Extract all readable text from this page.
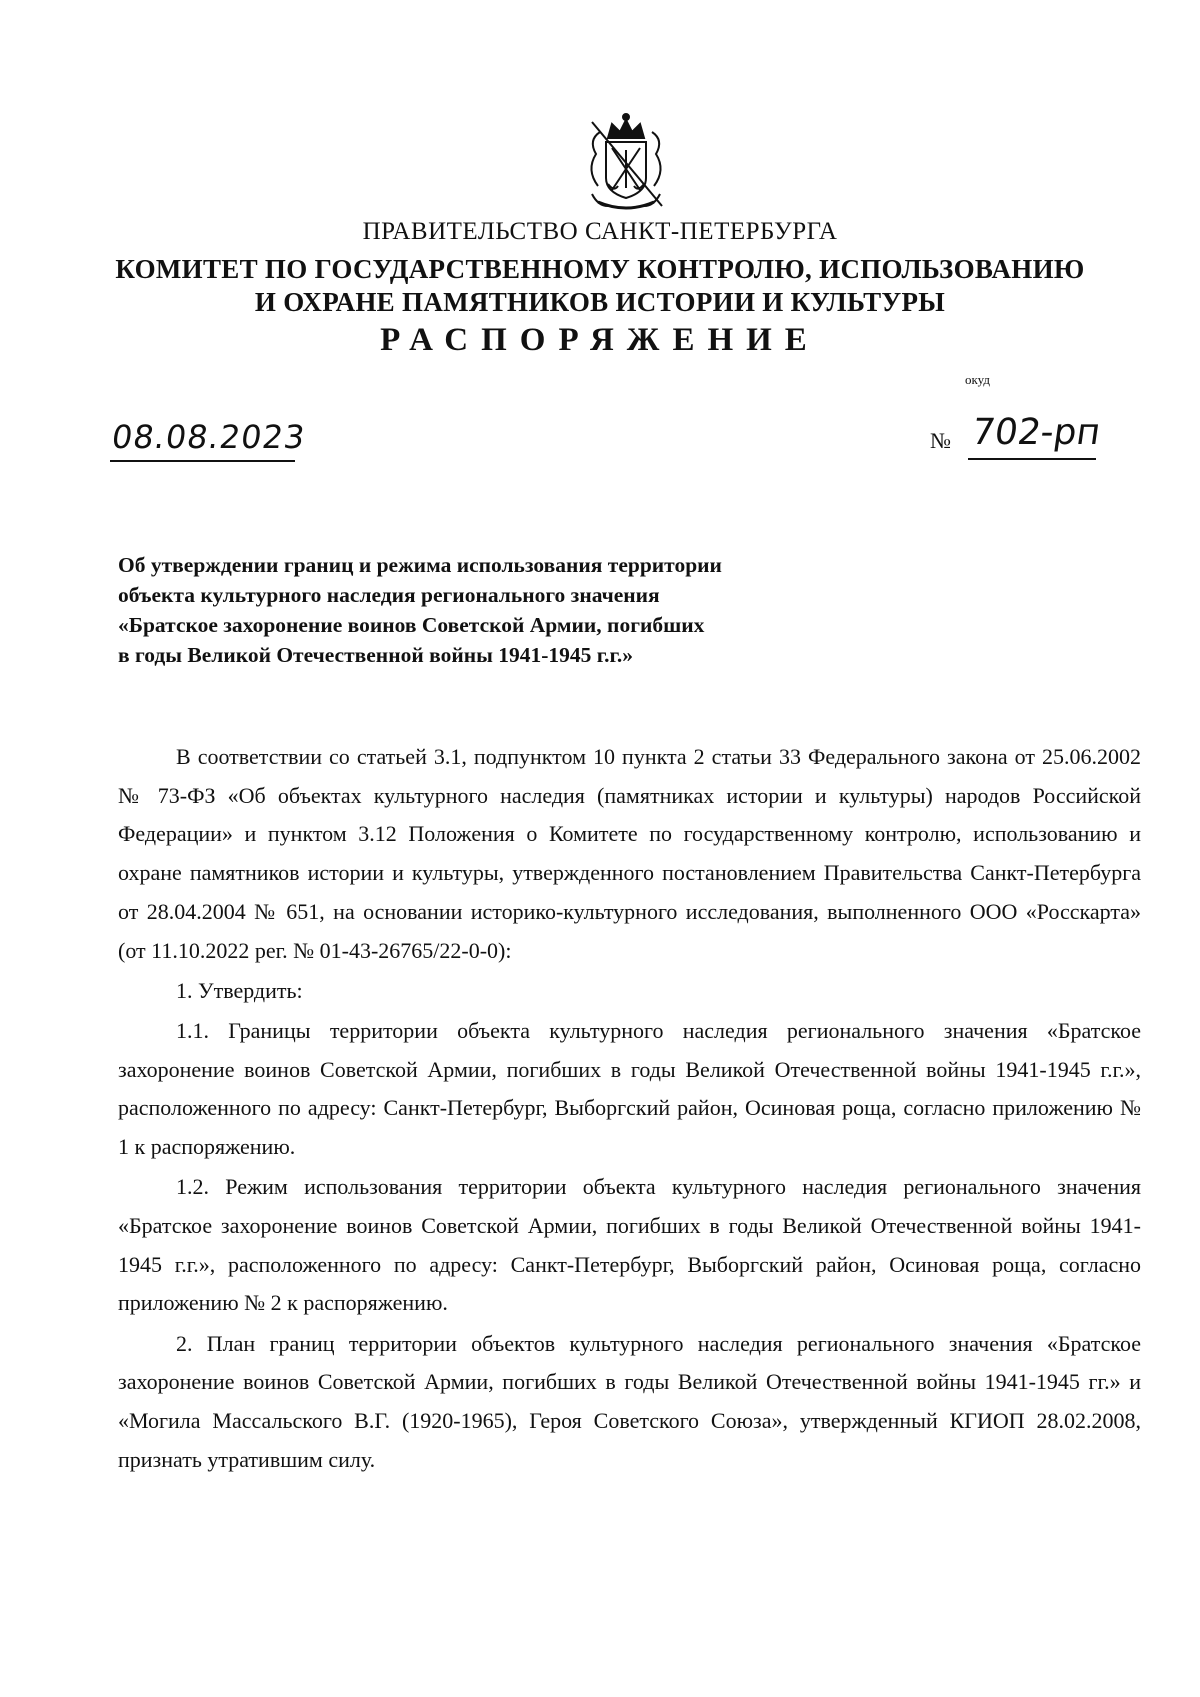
ПРАВИТЕЛЬСТВО САНКТ-ПЕТЕРБУРГА
КОМИТЕТ ПО ГОСУДАРСТВЕННОМУ КОНТРОЛЮ, ИСПОЛЬЗОВАНИЮ
И ОХРАНЕ ПАМЯТНИКОВ ИСТОРИИ И КУЛЬТУРЫ
РАСПОРЯЖЕНИЕ
окуд
08.08.2023	№ 702-рп
Об утверждении границ и режима использования территории
объекта культурного наследия регионального значения
«Братское захоронение воинов Советской Армии, погибших
в годы Великой Отечественной войны 1941-1945 г.г.»

В соответствии со статьей 3.1, подпунктом 10 пункта 2 статьи 33 Федерального закона от 25.06.2002 № 73-ФЗ «Об объектах культурного наследия (памятниках истории и культуры) народов Российской Федерации» и пунктом 3.12 Положения о Комитете по государственному контролю, использованию и охране памятников истории и культуры, утвержденного постановлением Правительства Санкт-Петербурга от 28.04.2004 № 651, на основании историко-культурного исследования, выполненного ООО «Росскарта» (от 11.10.2022 рег. № 01-43-26765/22-0-0):

1. Утвердить:

1.1. Границы территории объекта культурного наследия регионального значения «Братское захоронение воинов Советской Армии, погибших в годы Великой Отечественной войны 1941-1945 г.г.», расположенного по адресу: Санкт-Петербург, Выборгский район, Осиновая роща, согласно приложению № 1 к распоряжению.

1.2. Режим использования территории объекта культурного наследия регионального значения «Братское захоронение воинов Советской Армии, погибших в годы Великой Отечественной войны 1941-1945 г.г.», расположенного по адресу: Санкт-Петербург, Выборгский район, Осиновая роща, согласно приложению № 2 к распоряжению.

2. План границ территории объектов культурного наследия регионального значения «Братское захоронение воинов Советской Армии, погибших в годы Великой Отечественной войны 1941-1945 гг.» и «Могила Массальского В.Г. (1920-1965), Героя Советского Союза», утвержденный КГИОП 28.02.2008, признать утратившим силу.
